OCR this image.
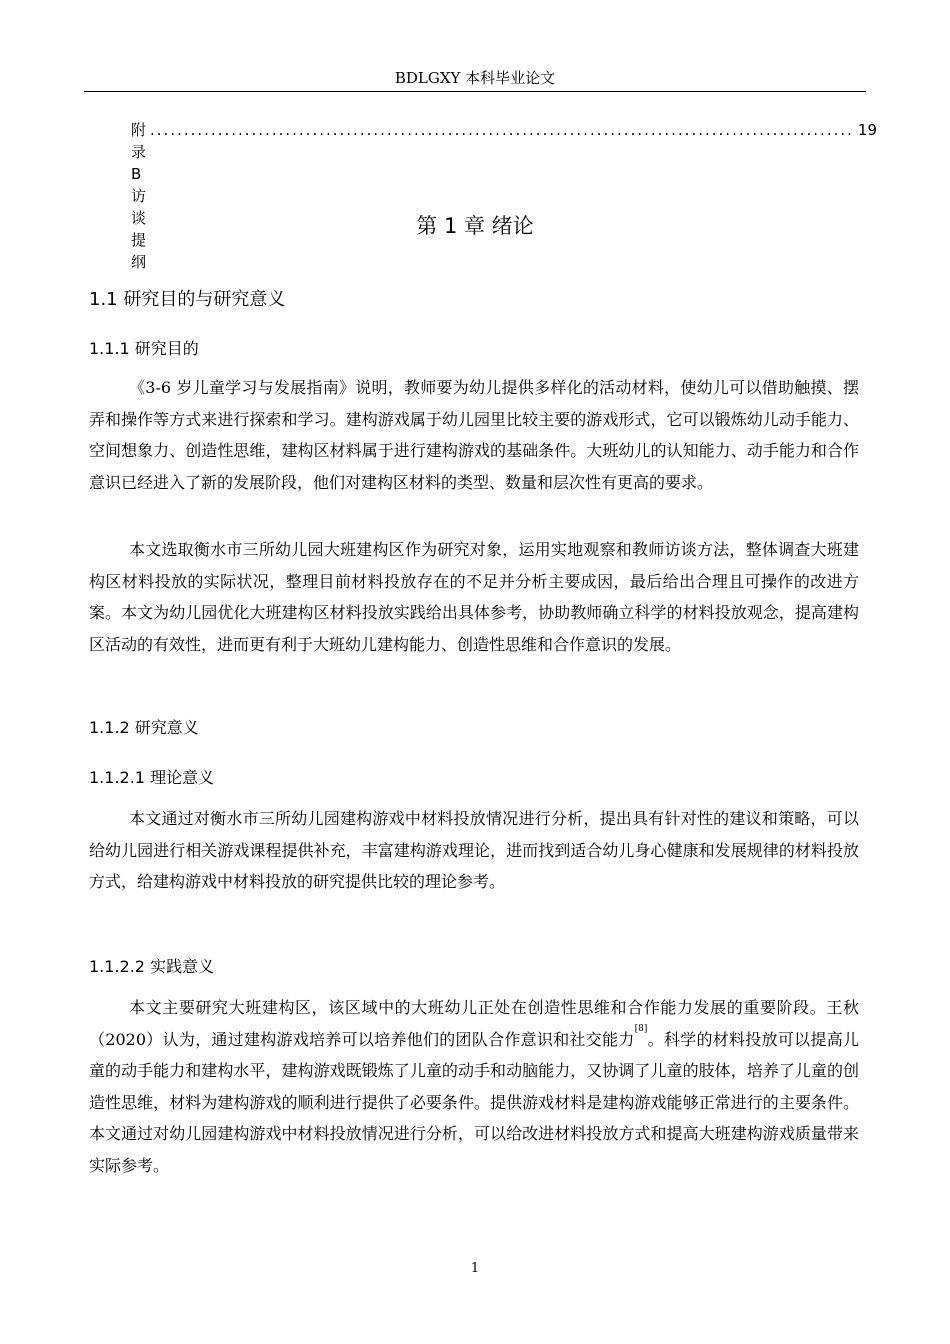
BDLGXY 本科毕业论文
附录 B 访谈提纲
........................................................................................................ 19
第 1 章 绪论
1.1 研究目的与研究意义
1.1.1 研究目的

《3-6 岁儿童学习与发展指南》说明，教师要为幼儿提供多样化的活动材料，使幼儿可以借助触摸、摆弄和操作等方式来进行探索和学习。建构游戏属于幼儿园里比较主要的游戏形式，它可以锻炼幼儿动手能力、空间想象力、创造性思维，建构区材料属于进行建构游戏的基础条件。大班幼儿的认知能力、动手能力和合作意识已经进入了新的发展阶段，他们对建构区材料的类型、数量和层次性有更高的要求。

本文选取衡水市三所幼儿园大班建构区作为研究对象，运用实地观察和教师访谈方法，整体调查大班建构区材料投放的实际状况，整理目前材料投放存在的不足并分析主要成因，最后给出合理且可操作的改进方案。本文为幼儿园优化大班建构区材料投放实践给出具体参考，协助教师确立科学的材料投放观念，提高建构区活动的有效性，进而更有利于大班幼儿建构能力、创造性思维和合作意识的发展。

1.1.2 研究意义
1.1.2.1 理论意义

本文通过对衡水市三所幼儿园建构游戏中材料投放情况进行分析，提出具有针对性的建议和策略，可以给幼儿园进行相关游戏课程提供补充，丰富建构游戏理论，进而找到适合幼儿身心健康和发展规律的材料投放方式，给建构游戏中材料投放的研究提供比较的理论参考。

1.1.2.2 实践意义

本文主要研究大班建构区，该区域中的大班幼儿正处在创造性思维和合作能力发展的重要阶段。王秋（2020）认为，通过建构游戏培养可以培养他们的团队合作意识和社交能力[8]。科学的材料投放可以提高儿童的动手能力和建构水平，建构游戏既锻炼了儿童的动手和动脑能力，又协调了儿童的肢体，培养了儿童的创造性思维，材料为建构游戏的顺利进行提供了必要条件。提供游戏材料是建构游戏能够正常进行的主要条件。本文通过对幼儿园建构游戏中材料投放情况进行分析，可以给改进材料投放方式和提高大班建构游戏质量带来实际参考。

1
